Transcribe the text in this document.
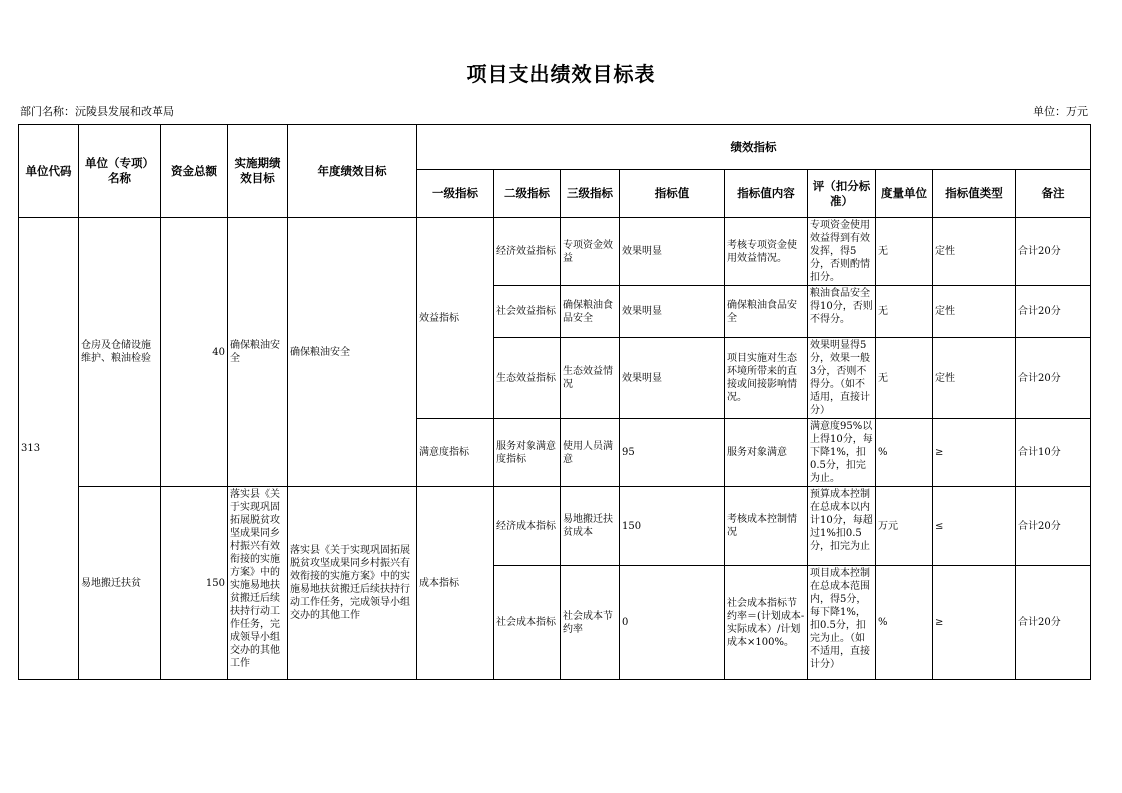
项目支出绩效目标表
部门名称：沅陵县发展和改革局	单位：万元
单位代码	单位（专项）名称	资金总额	实施期绩效目标	年度绩效目标	绩效指标								
					一级指标	二级指标	三级指标	指标值	指标值内容	评（扣分标准）	度量单位	指标值类型	备注
313	仓房及仓储设施维护、粮油检验	40	确保粮油安全	确保粮油安全	效益指标	经济效益指标	专项资金效益	效果明显	考核专项资金使用效益情况。	专项资金使用效益得到有效发挥，得5分，否则酌情扣分。	无	定性	合计20分
						社会效益指标	确保粮油食品安全	效果明显	确保粮油食品安全	粮油食品安全得10分，否则不得分。	无	定性	合计20分
						生态效益指标	生态效益情况	效果明显	项目实施对生态环境所带来的直接或间接影响情况。	效果明显得5分，效果一般3分，否则不得分。（如不适用，直接计分）	无	定性	合计20分
					满意度指标	服务对象满意度指标	使用人员满意	95	服务对象满意	满意度95%以上得10分，每下降1%，扣0.5分，扣完为止。	%	≥	合计10分
	易地搬迁扶贫	150	落实县《关于实现巩固拓展脱贫攻坚成果同乡村振兴有效衔接的实施方案》中的实施易地扶贫搬迁后续扶持行动工作任务，完成领导小组交办的其他工作	落实县《关于实现巩固拓展脱贫攻坚成果同乡村振兴有效衔接的实施方案》中的实施易地扶贫搬迁后续扶持行动工作任务，完成领导小组交办的其他工作	成本指标	经济成本指标	易地搬迁扶贫成本	150	考核成本控制情况	预算成本控制在总成本以内计10分，每超过1%扣0.5分，扣完为止	万元	≤	合计20分
						社会成本指标	社会成本节约率	0	社会成本指标节约率＝(计划成本-实际成本）/计划成本×100%。	项目成本控制在总成本范围内，得5分，每下降1%，扣0.5分，扣完为止。（如不适用，直接计分）	%	≥	合计20分
